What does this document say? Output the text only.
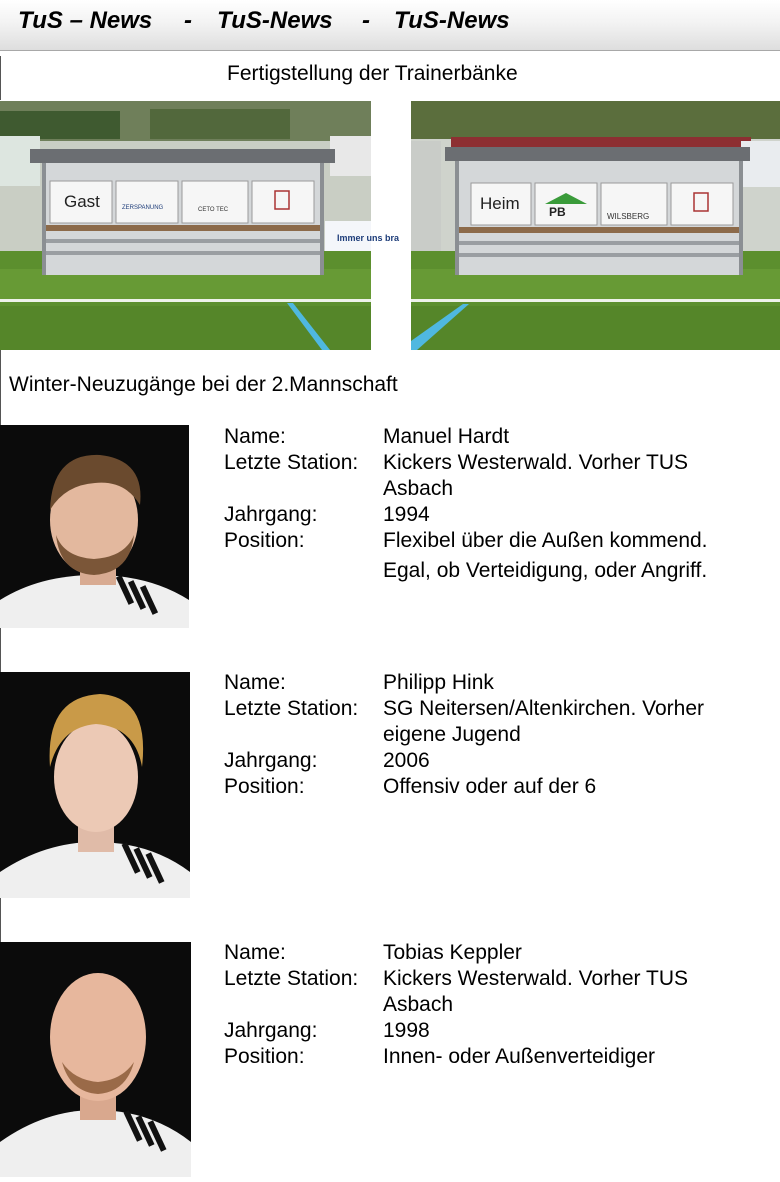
TuS – News - TuS-News - TuS-News
Fertigstellung der Trainerbänke
Immer uns bra
Gast	ZERSPANUNG	CETO TEC	Heim PB	WILSBERG
Winter-Neuzugänge bei der 2.Mannschaft
Name:	Manuel Hardt
Letzte Station: Kickers Westerwald. Vorher TUS
Asbach
Jahrgang:	1994
Position:	Flexibel über die Außen kommend.
Egal, ob Verteidigung, oder Angriff.
Name:	Philipp Hink
Letzte Station: SG Neitersen/Altenkirchen. Vorher
eigene Jugend
Jahrgang:	2006
Position:	Offensiv oder auf der 6
Name:	Tobias Keppler
Letzte Station: Kickers Westerwald. Vorher TUS
Asbach
Jahrgang:	1998
Position:	Innen- oder Außenverteidiger
